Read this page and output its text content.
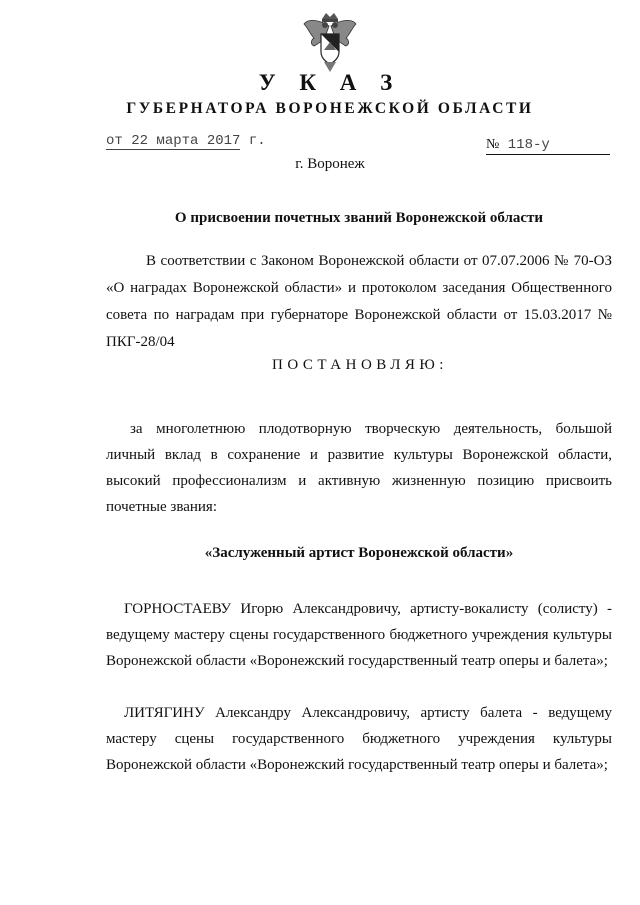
У К А З
ГУБЕРНАТОРА ВОРОНЕЖСКОЙ ОБЛАСТИ
от 22 марта 2017 г.	№ 118-у
г. Воронеж
О присвоении почетных званий Воронежской области

В соответствии с Законом Воронежской области от 07.07.2006 № 70-ОЗ «О наградах Воронежской области» и протоколом заседания Общественного совета по наградам при губернаторе Воронежской области от 15.03.2017 № ПКГ-28/04

ПОСТАНОВЛЯЮ:

за многолетнюю плодотворную творческую деятельность, большой личный вклад в сохранение и развитие культуры Воронежской области, высокий профессионализм и активную жизненную позицию присвоить почетные звания:

«Заслуженный артист Воронежской области»

ГОРНОСТАЕВУ Игорю Александровичу, артисту-вокалисту (солисту) - ведущему мастеру сцены государственного бюджетного учреждения культуры Воронежской области «Воронежский государственный театр оперы и балета»;

ЛИТЯГИНУ Александру Александровичу, артисту балета - ведущему мастеру сцены государственного бюджетного учреждения культуры Воронежской области «Воронежский государственный театр оперы и балета»;
